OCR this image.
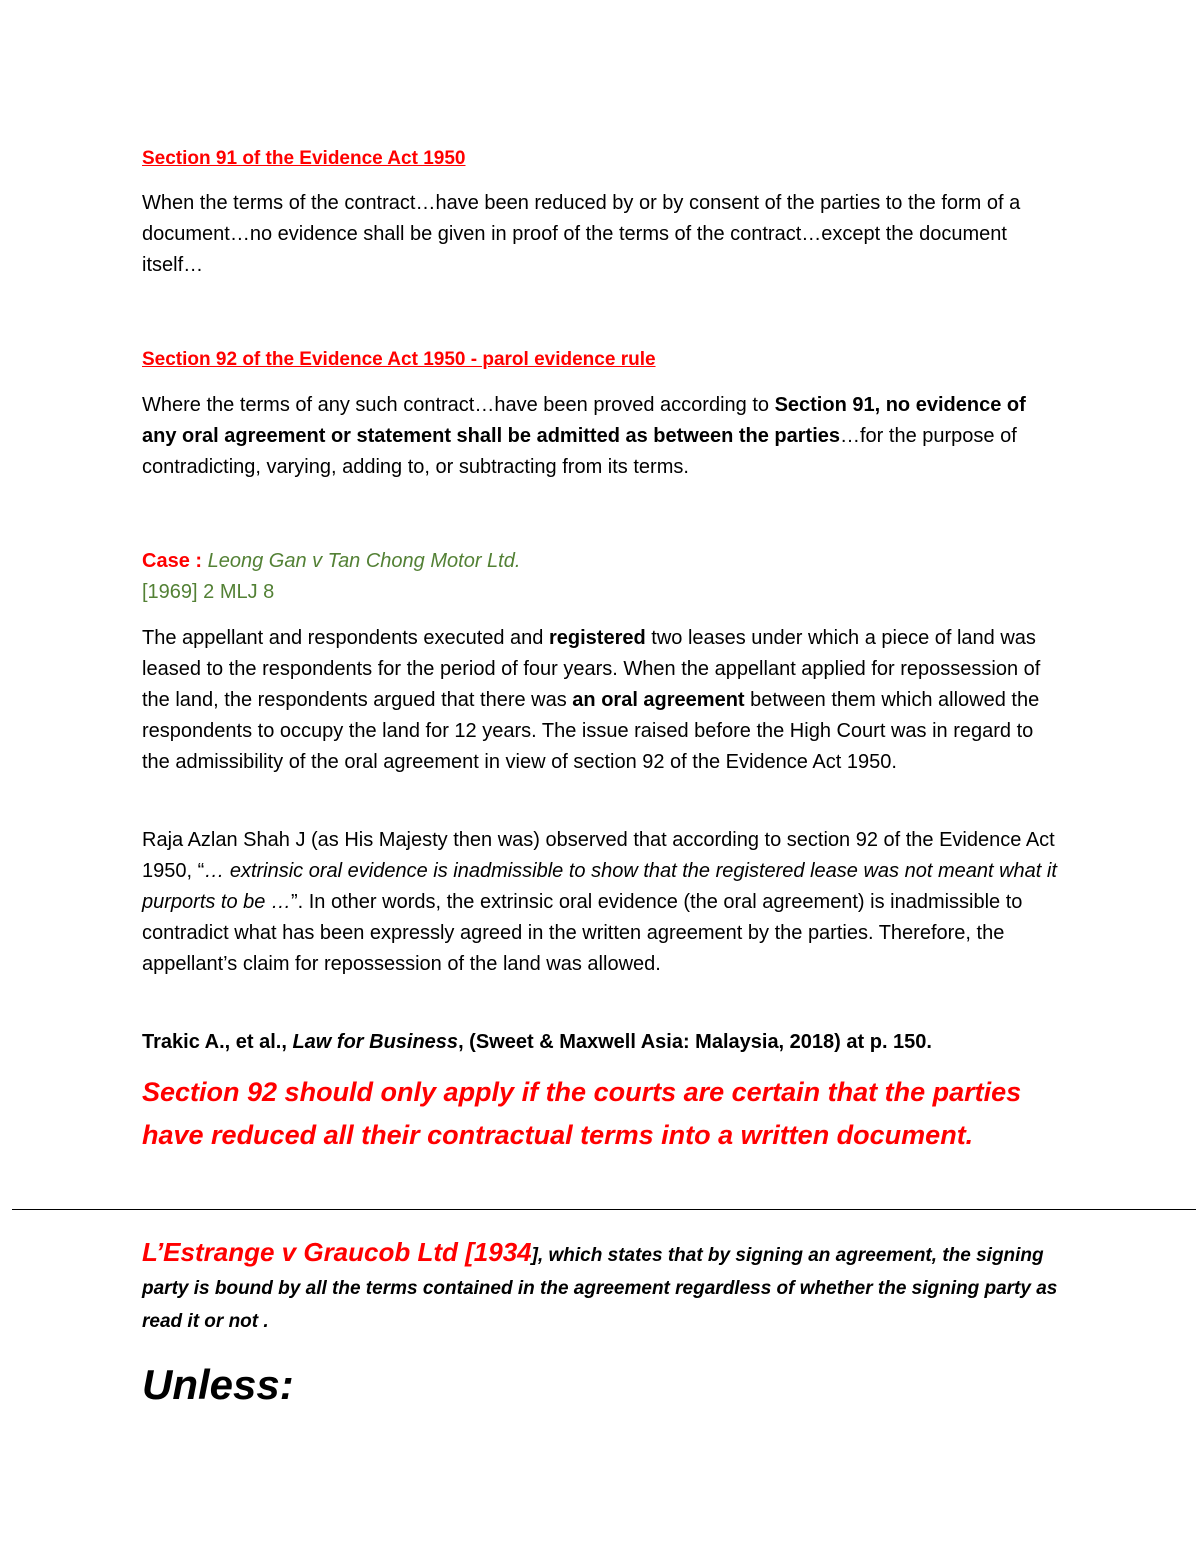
Section 91 of the Evidence Act 1950

When the terms of the contract…have been reduced by or by consent of the parties to the form of a document…no evidence shall be given in proof of the terms of the contract…except the document itself…

Section 92 of the Evidence Act 1950 - parol evidence rule

Where the terms of any such contract…have been proved according to Section 91, no evidence of any oral agreement or statement shall be admitted as between the parties…for the purpose of contradicting, varying, adding to, or subtracting from its terms.

Case : Leong Gan v Tan Chong Motor Ltd.

[1969] 2 MLJ 8

The appellant and respondents executed and registered two leases under which a piece of land was leased to the respondents for the period of four years. When the appellant applied for repossession of the land, the respondents argued that there was an oral agreement between them which allowed the respondents to occupy the land for 12 years. The issue raised before the High Court was in regard to the admissibility of the oral agreement in view of section 92 of the Evidence Act 1950.

Raja Azlan Shah J (as His Majesty then was) observed that according to section 92 of the Evidence Act 1950, “… extrinsic oral evidence is inadmissible to show that the registered lease was not meant what it purports to be …”. In other words, the extrinsic oral evidence (the oral agreement) is inadmissible to contradict what has been expressly agreed in the written agreement by the parties. Therefore, the appellant’s claim for repossession of the land was allowed.

Trakic A., et al., Law for Business, (Sweet & Maxwell Asia: Malaysia, 2018) at p. 150.

Section 92 should only apply if the courts are certain that the parties have reduced all their contractual terms into a written document.

L’Estrange v Graucob Ltd [1934], which states that by signing an agreement, the signing party is bound by all the terms contained in the agreement regardless of whether the signing party as read it or not .

Unless:
